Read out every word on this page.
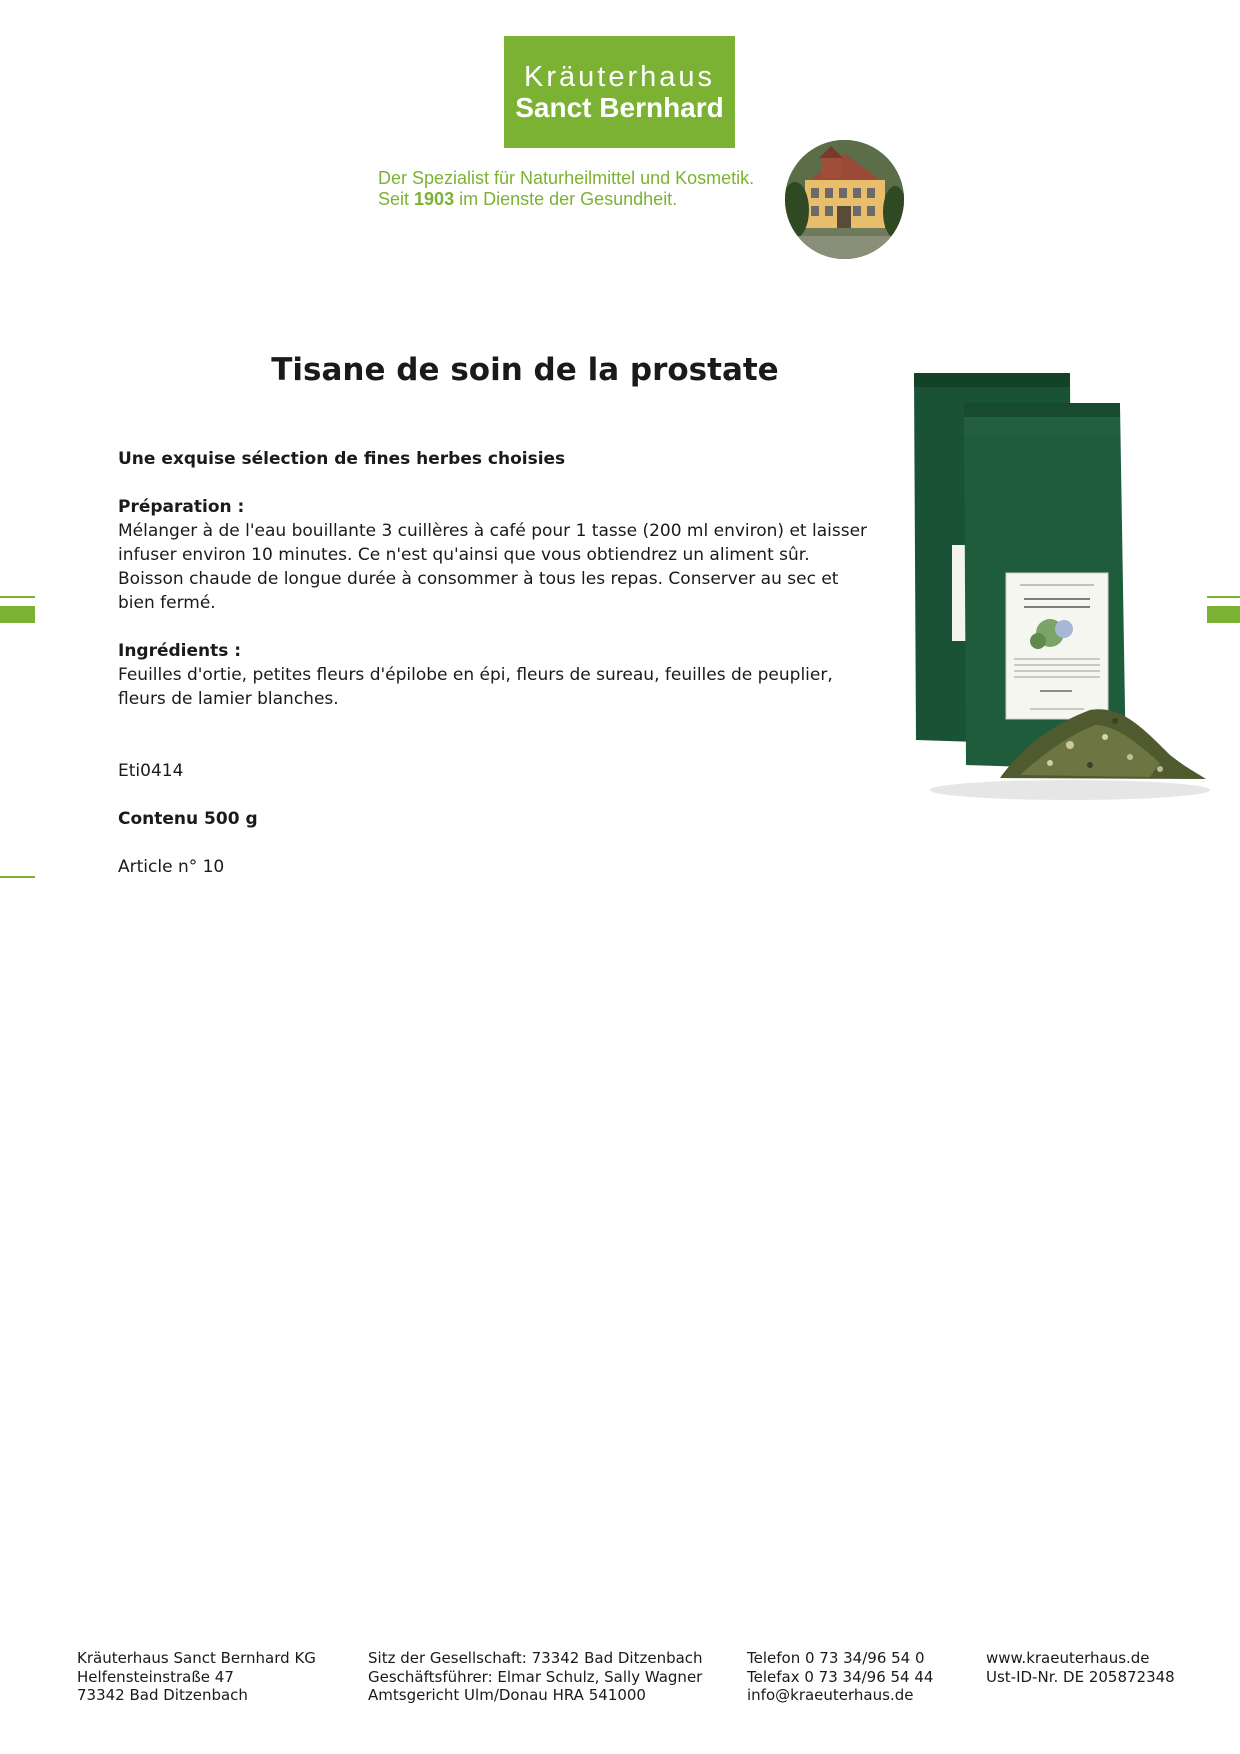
Kräuterhaus
Sanct Bernhard
Der Spezialist für Naturheilmittel und Kosmetik.
Seit 1903 im Dienste der Gesundheit.
Tisane de soin de la prostate

Une exquise sélection de fines herbes choisies

Préparation :

Mélanger à de l'eau bouillante 3 cuillères à café pour 1 tasse (200 ml environ) et laisser infuser environ 10 minutes. Ce n'est qu'ainsi que vous obtiendrez un aliment sûr. Boisson chaude de longue durée à consommer à tous les repas. Conserver au sec et bien fermé.

Ingrédients :

Feuilles d'ortie, petites fleurs d'épilobe en épi, fleurs de sureau, feuilles de peuplier, fleurs de lamier blanches.

Eti0414

Contenu 500 g

Article n° 10

Kräuterhaus Sanct Bernhard KG
Helfensteinstraße 47
73342 Bad Ditzenbach
Sitz der Gesellschaft: 73342 Bad Ditzenbach
Geschäftsführer: Elmar Schulz, Sally Wagner
Amtsgericht Ulm/Donau HRA 541000
Telefon 0 73 34/96 54 0
Telefax 0 73 34/96 54 44
info@kraeuterhaus.de
www.kraeuterhaus.de
Ust-ID-Nr. DE 205872348
